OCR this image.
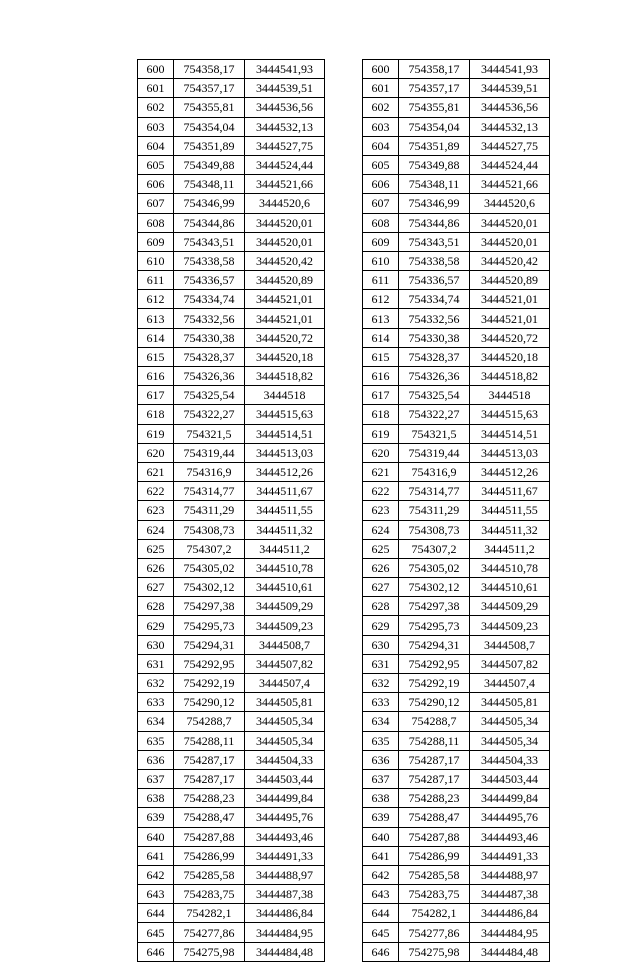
600	754358,17	3444541,93
601	754357,17	3444539,51
602	754355,81	3444536,56
603	754354,04	3444532,13
604	754351,89	3444527,75
605	754349,88	3444524,44
606	754348,11	3444521,66
607	754346,99	3444520,6
608	754344,86	3444520,01
609	754343,51	3444520,01
610	754338,58	3444520,42
611	754336,57	3444520,89
612	754334,74	3444521,01
613	754332,56	3444521,01
614	754330,38	3444520,72
615	754328,37	3444520,18
616	754326,36	3444518,82
617	754325,54	3444518
618	754322,27	3444515,63
619	754321,5	3444514,51
620	754319,44	3444513,03
621	754316,9	3444512,26
622	754314,77	3444511,67
623	754311,29	3444511,55
624	754308,73	3444511,32
625	754307,2	3444511,2
626	754305,02	3444510,78
627	754302,12	3444510,61
628	754297,38	3444509,29
629	754295,73	3444509,23
630	754294,31	3444508,7
631	754292,95	3444507,82
632	754292,19	3444507,4
633	754290,12	3444505,81
634	754288,7	3444505,34
635	754288,11	3444505,34
636	754287,17	3444504,33
637	754287,17	3444503,44
638	754288,23	3444499,84
639	754288,47	3444495,76
640	754287,88	3444493,46
641	754286,99	3444491,33
642	754285,58	3444488,97
643	754283,75	3444487,38
644	754282,1	3444486,84
645	754277,86	3444484,95
646	754275,98	3444484,48
600	754358,17	3444541,93
601	754357,17	3444539,51
602	754355,81	3444536,56
603	754354,04	3444532,13
604	754351,89	3444527,75
605	754349,88	3444524,44
606	754348,11	3444521,66
607	754346,99	3444520,6
608	754344,86	3444520,01
609	754343,51	3444520,01
610	754338,58	3444520,42
611	754336,57	3444520,89
612	754334,74	3444521,01
613	754332,56	3444521,01
614	754330,38	3444520,72
615	754328,37	3444520,18
616	754326,36	3444518,82
617	754325,54	3444518
618	754322,27	3444515,63
619	754321,5	3444514,51
620	754319,44	3444513,03
621	754316,9	3444512,26
622	754314,77	3444511,67
623	754311,29	3444511,55
624	754308,73	3444511,32
625	754307,2	3444511,2
626	754305,02	3444510,78
627	754302,12	3444510,61
628	754297,38	3444509,29
629	754295,73	3444509,23
630	754294,31	3444508,7
631	754292,95	3444507,82
632	754292,19	3444507,4
633	754290,12	3444505,81
634	754288,7	3444505,34
635	754288,11	3444505,34
636	754287,17	3444504,33
637	754287,17	3444503,44
638	754288,23	3444499,84
639	754288,47	3444495,76
640	754287,88	3444493,46
641	754286,99	3444491,33
642	754285,58	3444488,97
643	754283,75	3444487,38
644	754282,1	3444486,84
645	754277,86	3444484,95
646	754275,98	3444484,48
